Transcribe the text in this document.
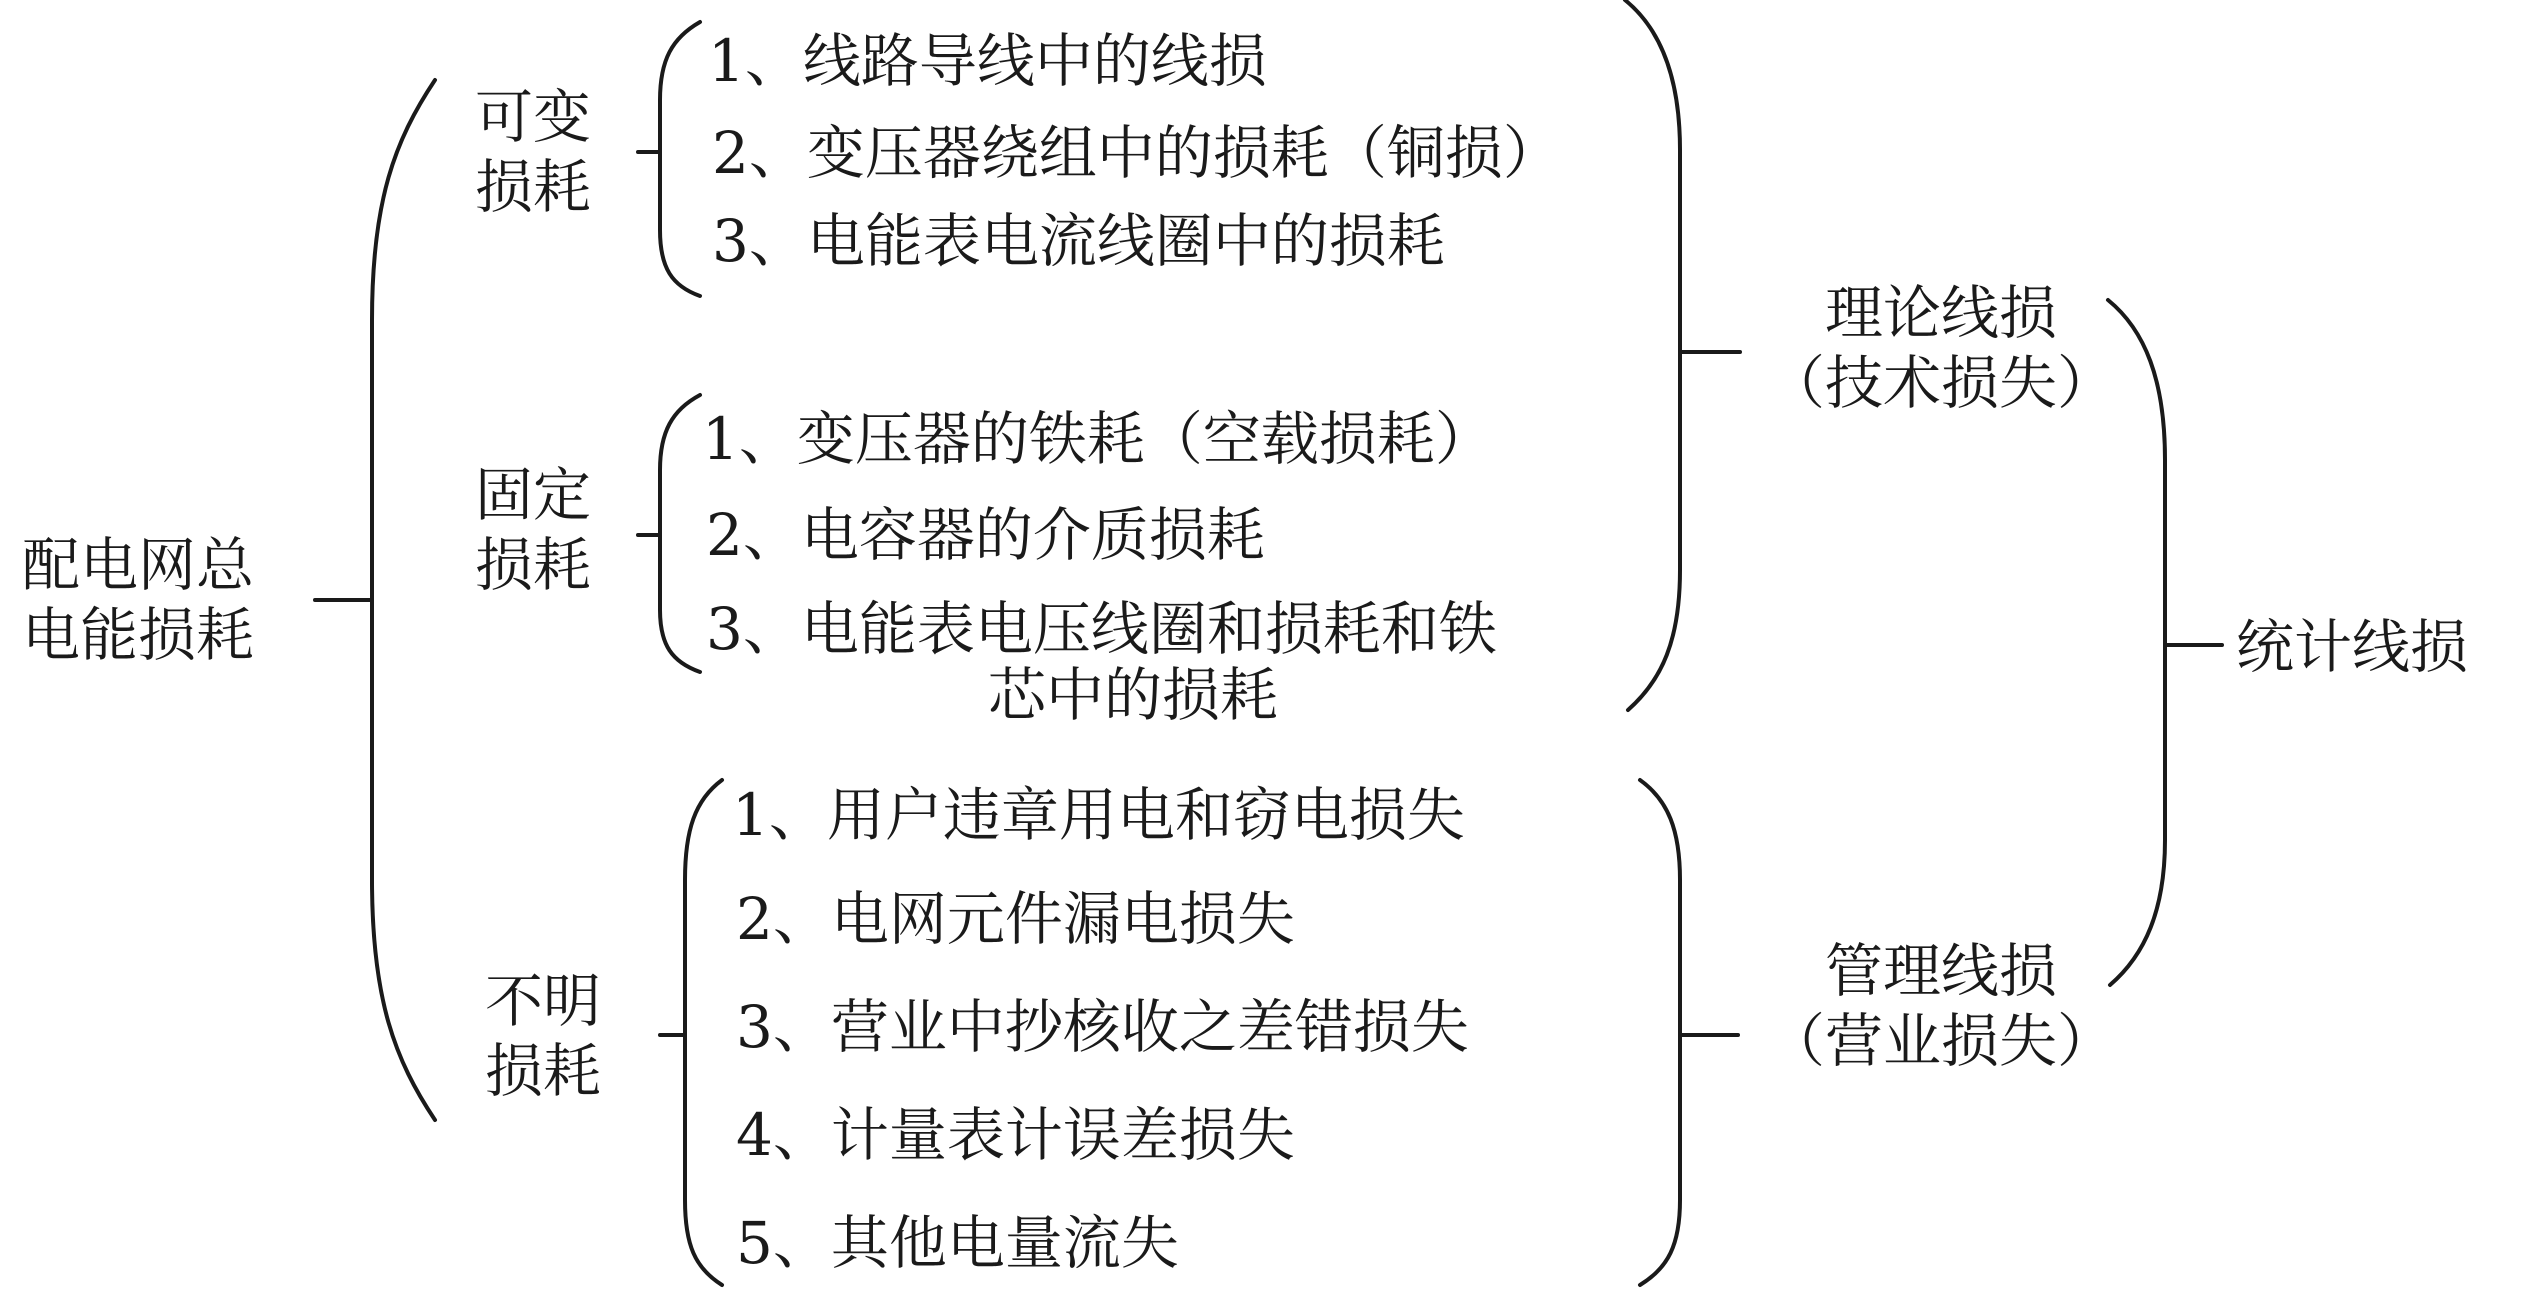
配电网总
电能损耗
可变
损耗
1、线路导线中的线损
2、变压器绕组中的损耗（铜损）
3、电能表电流线圈中的损耗
固定
损耗
1、变压器的铁耗（空载损耗）
2、电容器的介质损耗
3、电能表电压线圈和损耗和铁
芯中的损耗
不明
损耗
1、用户违章用电和窃电损失
2、电网元件漏电损失
3、营业中抄核收之差错损失
4、计量表计误差损失
5、其他电量流失
理论线损
（技术损失）
管理线损
（营业损失）
统计线损
